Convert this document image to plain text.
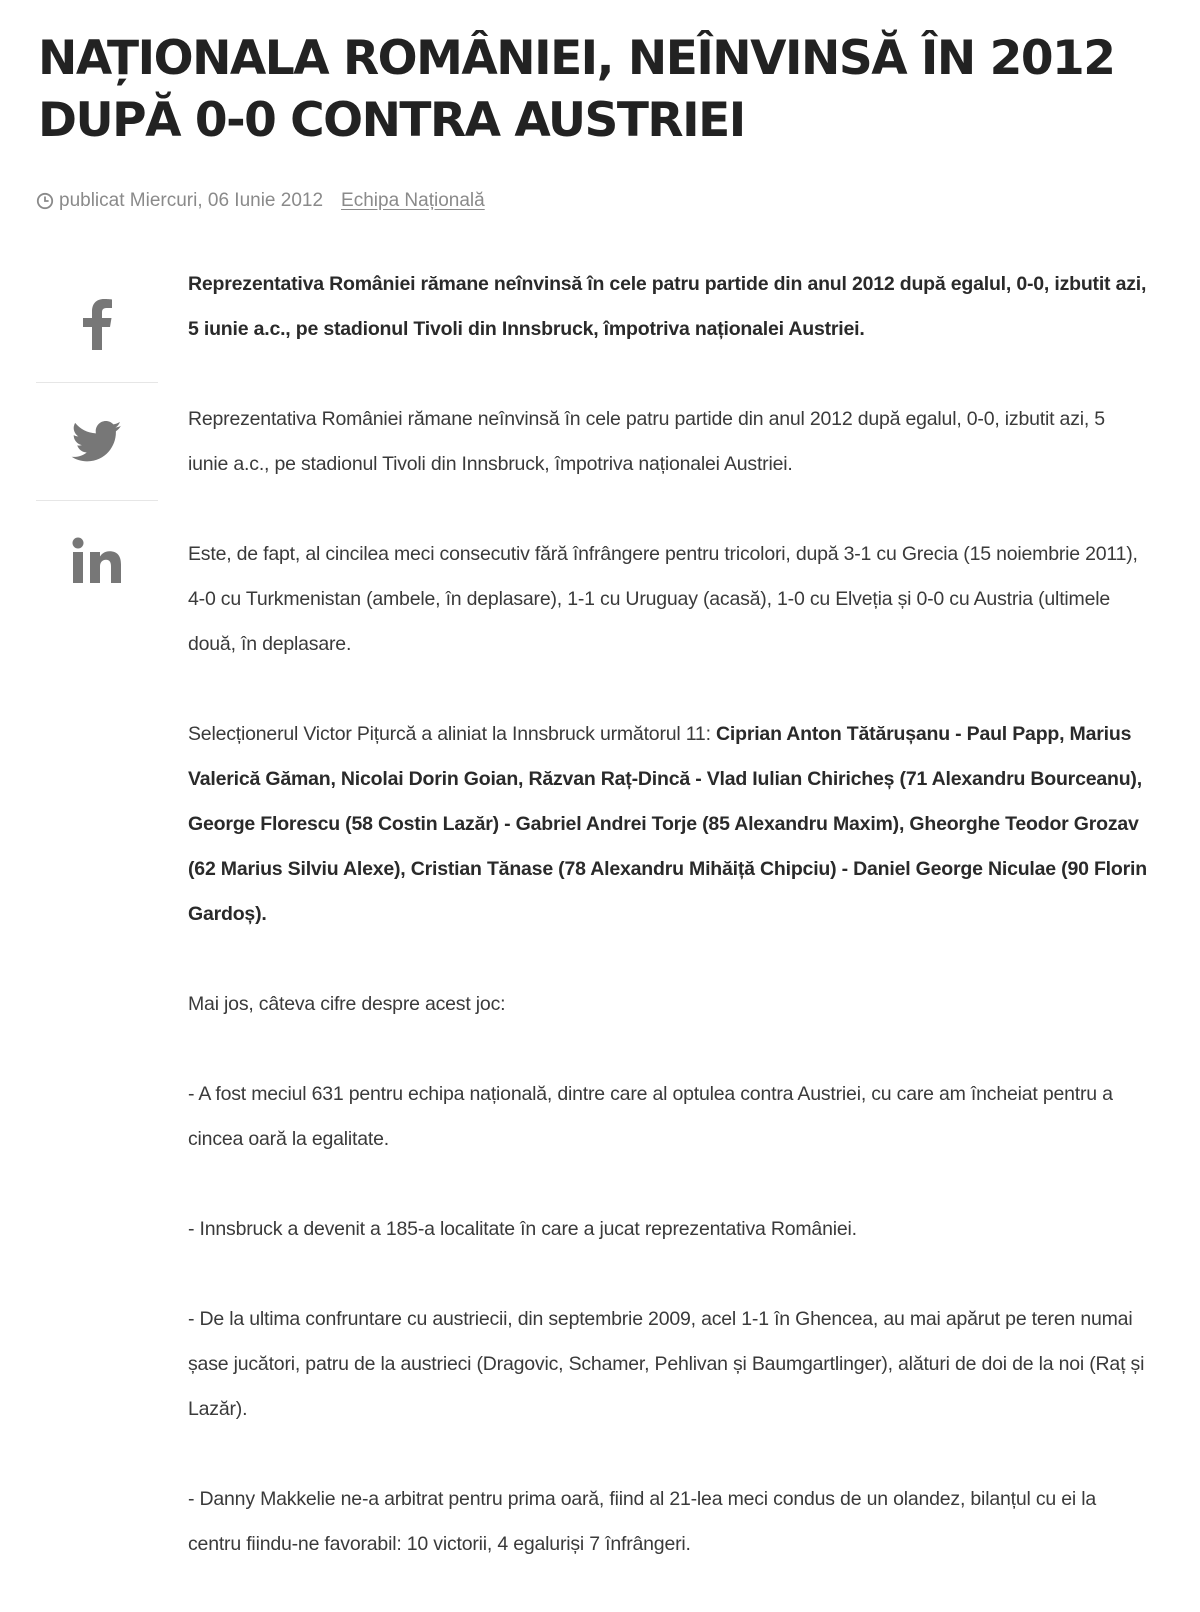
NAȚIONALA ROMÂNIEI, NEÎNVINSĂ ÎN 2012 DUPĂ 0-0 CONTRA AUSTRIEI
publicat Miercuri, 06 Iunie 2012 Echipa Națională

Reprezentativa României rămane neînvinsă în cele patru partide din anul 2012 după egalul, 0-0, izbutit azi, 5 iunie a.c., pe stadionul Tivoli din Innsbruck, împotriva naționalei Austriei.

Reprezentativa României rămane neînvinsă în cele patru partide din anul 2012 după egalul, 0-0, izbutit azi, 5 iunie a.c., pe stadionul Tivoli din Innsbruck, împotriva naționalei Austriei.

Este, de fapt, al cincilea meci consecutiv fără înfrângere pentru tricolori, după 3-1 cu Grecia (15 noiembrie 2011), 4-0 cu Turkmenistan (ambele, în deplasare), 1-1 cu Uruguay (acasă), 1-0 cu Elveția și 0-0 cu Austria (ultimele două, în deplasare.

Selecționerul Victor Pițurcă a aliniat la Innsbruck următorul 11: Ciprian Anton Tătărușanu - Paul Papp, Marius Valerică Găman, Nicolai Dorin Goian, Răzvan Raț-Dincă - Vlad Iulian Chiricheș (71 Alexandru Bourceanu), George Florescu (58 Costin Lazăr) - Gabriel Andrei Torje (85 Alexandru Maxim), Gheorghe Teodor Grozav (62 Marius Silviu Alexe), Cristian Tănase (78 Alexandru Mihăiță Chipciu) - Daniel George Niculae (90 Florin Gardoș).

Mai jos, câteva cifre despre acest joc:

- A fost meciul 631 pentru echipa națională, dintre care al optulea contra Austriei, cu care am încheiat pentru a cincea oară la egalitate.

- Innsbruck a devenit a 185-a localitate în care a jucat reprezentativa României.

- De la ultima confruntare cu austriecii, din septembrie 2009, acel 1-1 în Ghencea, au mai apărut pe teren numai șase jucători, patru de la austrieci (Dragovic, Schamer, Pehlivan și Baumgartlinger), alături de doi de la noi (Raț și Lazăr).

- Danny Makkelie ne-a arbitrat pentru prima oară, fiind al 21-lea meci condus de un olandez, bilanțul cu ei la centru fiindu-ne favorabil: 10 victorii, 4 egaluriși 7 înfrângeri.
